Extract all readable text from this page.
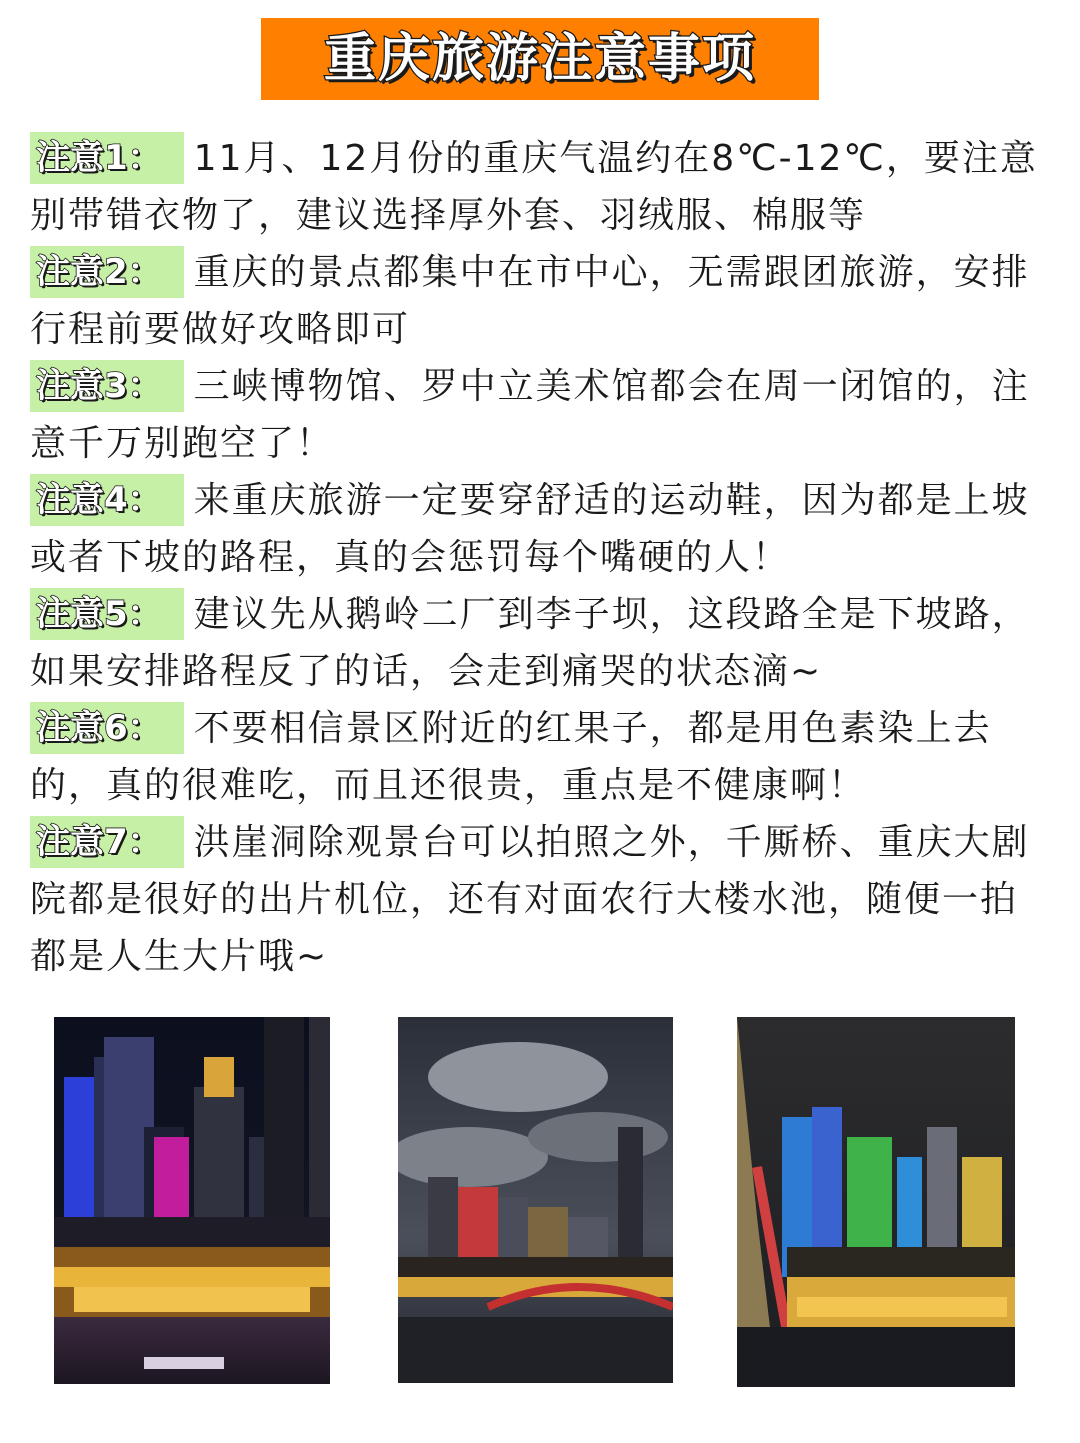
重庆旅游注意事项

注意1： 11月、12月份的重庆气温约在8℃-12℃，要注意别带错衣物了，建议选择厚外套、羽绒服、棉服等

注意2： 重庆的景点都集中在市中心，无需跟团旅游，安排行程前要做好攻略即可

注意3： 三峡博物馆、罗中立美术馆都会在周一闭馆的，注意千万别跑空了！

注意4： 来重庆旅游一定要穿舒适的运动鞋，因为都是上坡或者下坡的路程，真的会惩罚每个嘴硬的人！

注意5： 建议先从鹅岭二厂到李子坝，这段路全是下坡路，如果安排路程反了的话，会走到痛哭的状态滴~

注意6： 不要相信景区附近的红果子，都是用色素染上去的，真的很难吃，而且还很贵，重点是不健康啊！

注意7： 洪崖洞除观景台可以拍照之外，千厮桥、重庆大剧院都是很好的出片机位，还有对面农行大楼水池，随便一拍都是人生大片哦~
